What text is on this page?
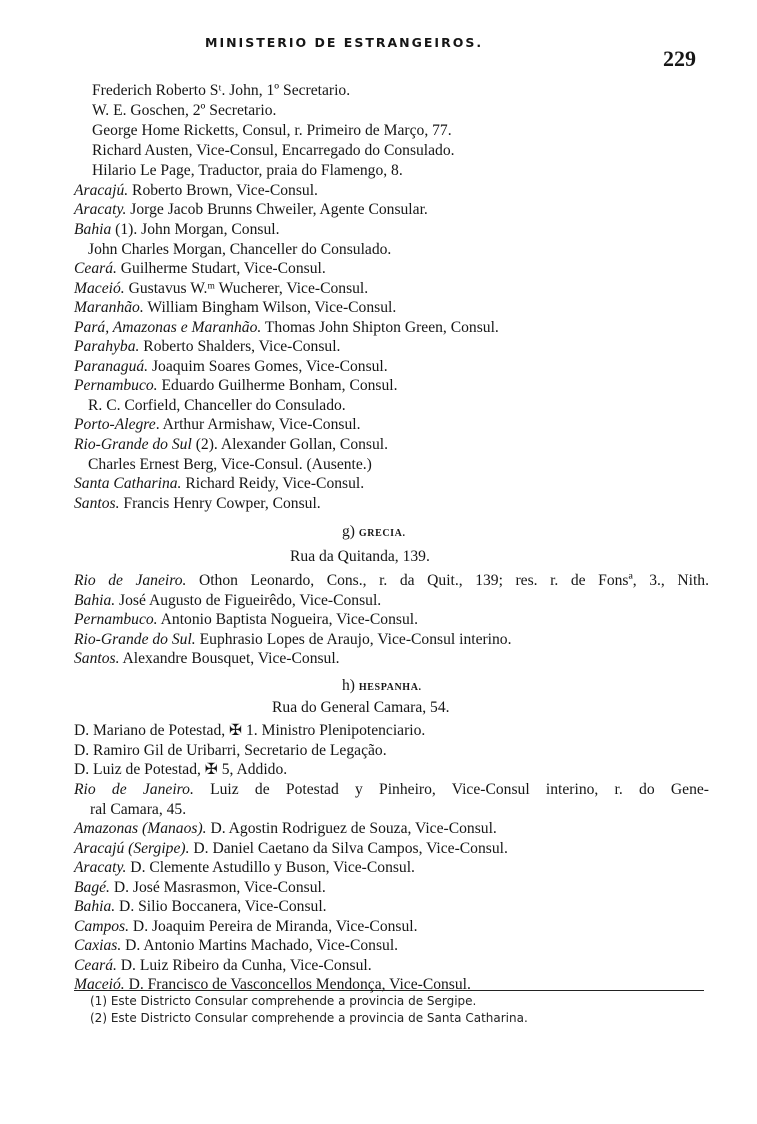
MINISTERIO DE ESTRANGEIROS.
229
Frederich Roberto Sᵗ. John, 1º Secretario.
W. E. Goschen, 2º Secretario.
George Home Ricketts, Consul, r. Primeiro de Março, 77.
Richard Austen, Vice-Consul, Encarregado do Consulado.
Hilario Le Page, Traductor, praia do Flamengo, 8.
Aracajú. Roberto Brown, Vice-Consul.
Aracaty. Jorge Jacob Brunns Chweiler, Agente Consular.
Bahia (1). John Morgan, Consul.
John Charles Morgan, Chanceller do Consulado.
Ceará. Guilherme Studart, Vice-Consul.
Maceió. Gustavus W.ᵐ Wucherer, Vice-Consul.
Maranhão. William Bingham Wilson, Vice-Consul.
Pará, Amazonas e Maranhão. Thomas John Shipton Green, Consul.
Parahyba. Roberto Shalders, Vice-Consul.
Paranaguá. Joaquim Soares Gomes, Vice-Consul.
Pernambuco. Eduardo Guilherme Bonham, Consul.
R. C. Corfield, Chanceller do Consulado.
Porto-Alegre. Arthur Armishaw, Vice-Consul.
Rio-Grande do Sul (2). Alexander Gollan, Consul.
Charles Ernest Berg, Vice-Consul. (Ausente.)
Santa Catharina. Richard Reidy, Vice-Consul.
Santos. Francis Henry Cowper, Consul.
g) GRECIA.
Rua da Quitanda, 139.
Rio de Janeiro. Othon Leonardo, Cons., r. da Quit., 139; res. r. de Fonsª, 3., Nith.
Bahia. José Augusto de Figueirêdo, Vice-Consul.
Pernambuco. Antonio Baptista Nogueira, Vice-Consul.
Rio-Grande do Sul. Euphrasio Lopes de Araujo, Vice-Consul interino.
Santos. Alexandre Bousquet, Vice-Consul.
h) HESPANHA.
Rua do General Camara, 54.
D. Mariano de Potestad, ✠ 1. Ministro Plenipotenciario.
D. Ramiro Gil de Uribarri, Secretario de Legação.
D. Luiz de Potestad, ✠ 5, Addido.
Rio de Janeiro. Luiz de Potestad y Pinheiro, Vice-Consul interino, r. do Gene-
ral Camara, 45.
Amazonas (Manaos). D. Agostin Rodriguez de Souza, Vice-Consul.
Aracajú (Sergipe). D. Daniel Caetano da Silva Campos, Vice-Consul.
Aracaty. D. Clemente Astudillo y Buson, Vice-Consul.
Bagé. D. José Masrasmon, Vice-Consul.
Bahia. D. Silio Boccanera, Vice-Consul.
Campos. D. Joaquim Pereira de Miranda, Vice-Consul.
Caxias. D. Antonio Martins Machado, Vice-Consul.
Ceará. D. Luiz Ribeiro da Cunha, Vice-Consul.
Maceió. D. Francisco de Vasconcellos Mendonça, Vice-Consul.
(1) Este Districto Consular comprehende a provincia de Sergipe.
(2) Este Districto Consular comprehende a provincia de Santa Catharina.
